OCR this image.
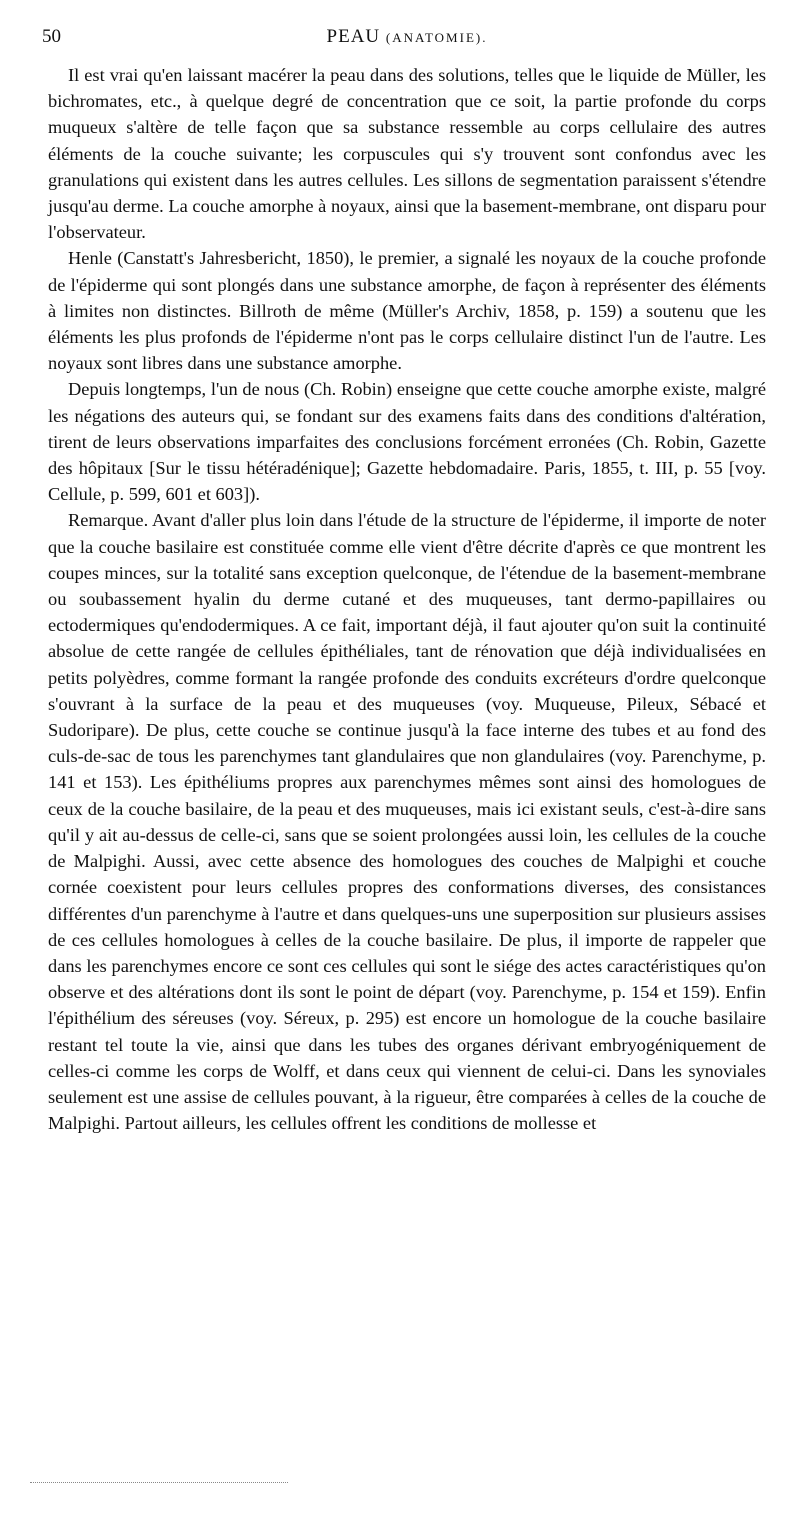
50	PEAU (ANATOMIE).

Il est vrai qu'en laissant macérer la peau dans des solutions, telles que le liquide de Müller, les bichromates, etc., à quelque degré de concentration que ce soit, la partie profonde du corps muqueux s'altère de telle façon que sa substance ressemble au corps cellulaire des autres éléments de la couche suivante; les corpuscules qui s'y trouvent sont confondus avec les granulations qui existent dans les autres cellules. Les sillons de segmentation paraissent s'étendre jusqu'au derme. La couche amorphe à noyaux, ainsi que la basement-membrane, ont disparu pour l'observateur.

Henle (Canstatt's Jahresbericht, 1850), le premier, a signalé les noyaux de la couche profonde de l'épiderme qui sont plongés dans une substance amorphe, de façon à représenter des éléments à limites non distinctes. Billroth de même (Müller's Archiv, 1858, p. 159) a soutenu que les éléments les plus profonds de l'épiderme n'ont pas le corps cellulaire distinct l'un de l'autre. Les noyaux sont libres dans une substance amorphe.

Depuis longtemps, l'un de nous (Ch. Robin) enseigne que cette couche amorphe existe, malgré les négations des auteurs qui, se fondant sur des examens faits dans des conditions d'altération, tirent de leurs observations imparfaites des conclusions forcément erronées (Ch. Robin, Gazette des hôpitaux [Sur le tissu hétéradénique]; Gazette hebdomadaire. Paris, 1855, t. III, p. 55 [voy. Cellule, p. 599, 601 et 603]).

Remarque. Avant d'aller plus loin dans l'étude de la structure de l'épiderme, il importe de noter que la couche basilaire est constituée comme elle vient d'être décrite d'après ce que montrent les coupes minces, sur la totalité sans exception quelconque, de l'étendue de la basement-membrane ou soubassement hyalin du derme cutané et des muqueuses, tant dermo-papillaires ou ectodermiques qu'endodermiques. A ce fait, important déjà, il faut ajouter qu'on suit la continuité absolue de cette rangée de cellules épithéliales, tant de rénovation que déjà individualisées en petits polyèdres, comme formant la rangée profonde des conduits excréteurs d'ordre quelconque s'ouvrant à la surface de la peau et des muqueuses (voy. Muqueuse, Pileux, Sébacé et Sudoripare). De plus, cette couche se continue jusqu'à la face interne des tubes et au fond des culs-de-sac de tous les parenchymes tant glandulaires que non glandulaires (voy. Parenchyme, p. 141 et 153). Les épithéliums propres aux parenchymes mêmes sont ainsi des homologues de ceux de la couche basilaire, de la peau et des muqueuses, mais ici existant seuls, c'est-à-dire sans qu'il y ait au-dessus de celle-ci, sans que se soient prolongées aussi loin, les cellules de la couche de Malpighi. Aussi, avec cette absence des homologues des couches de Malpighi et couche cornée coexistent pour leurs cellules propres des conformations diverses, des consistances différentes d'un parenchyme à l'autre et dans quelques-uns une superposition sur plusieurs assises de ces cellules homologues à celles de la couche basilaire. De plus, il importe de rappeler que dans les parenchymes encore ce sont ces cellules qui sont le siége des actes caractéristiques qu'on observe et des altérations dont ils sont le point de départ (voy. Parenchyme, p. 154 et 159). Enfin l'épithélium des séreuses (voy. Séreux, p. 295) est encore un homologue de la couche basilaire restant tel toute la vie, ainsi que dans les tubes des organes dérivant embryogéniquement de celles-ci comme les corps de Wolff, et dans ceux qui viennent de celui-ci. Dans les synoviales seulement est une assise de cellules pouvant, à la rigueur, être comparées à celles de la couche de Malpighi. Partout ailleurs, les cellules offrent les conditions de mollesse et
